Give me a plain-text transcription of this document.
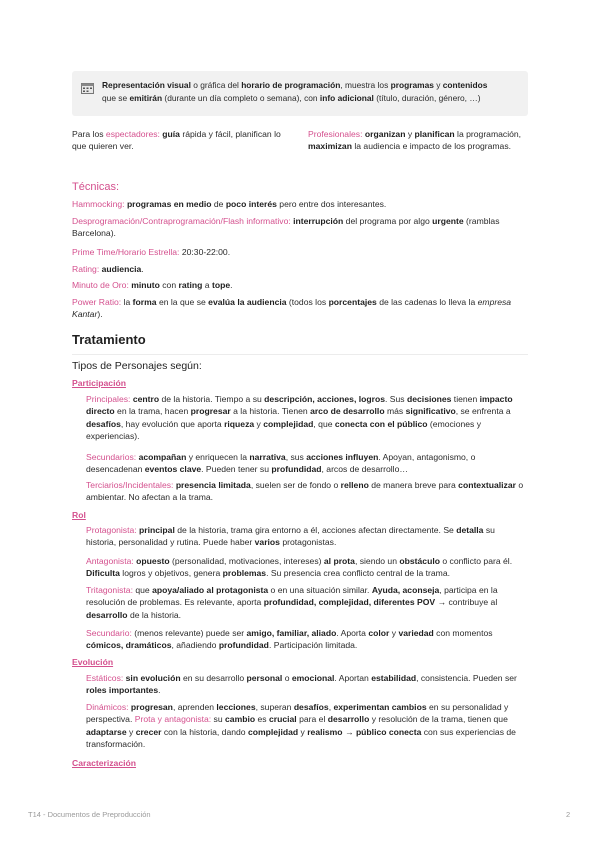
Representación visual o gráfica del horario de programación, muestra los programas y contenidos
que se emitirán (durante un día completo o semana), con info adicional (título, duración, género, …)

Para los espectadores: guía rápida y fácil, planifican lo que quieren ver.

Profesionales: organizan y planifican la programación, maximizan la audiencia e impacto de los programas.

Técnicas:

Hammocking: programas en medio de poco interés pero entre dos interesantes.

Desprogramación/Contraprogramación/Flash informativo: interrupción del programa por algo urgente (ramblas Barcelona).

Prime Time/Horario Estrella: 20:30-22:00.

Rating: audiencia.

Minuto de Oro: minuto con rating a tope.

Power Ratio: la forma en la que se evalúa la audiencia (todos los porcentajes de las cadenas lo lleva la empresa Kantar).

Tratamiento
Tipos de Personajes según:
Participación

Principales: centro de la historia. Tiempo a su descripción, acciones, logros. Sus decisiones tienen impacto directo en la trama, hacen progresar a la historia. Tienen arco de desarrollo más significativo, se enfrenta a desafíos, hay evolución que aporta riqueza y complejidad, que conecta con el público (emociones y experiencias).

Secundarios: acompañan y enriquecen la narrativa, sus acciones influyen. Apoyan, antagonismo, o desencadenan eventos clave. Pueden tener su profundidad, arcos de desarrollo…

Terciarios/Incidentales: presencia limitada, suelen ser de fondo o relleno de manera breve para contextualizar o ambientar. No afectan a la trama.

Rol

Protagonista: principal de la historia, trama gira entorno a él, acciones afectan directamente. Se detalla su historia, personalidad y rutina. Puede haber varios protagonistas.

Antagonista: opuesto (personalidad, motivaciones, intereses) al prota, siendo un obstáculo o conflicto para él. Dificulta logros y objetivos, genera problemas. Su presencia crea conflicto central de la trama.

Tritagonista: que apoya/aliado al protagonista o en una situación similar. Ayuda, aconseja, participa en la resolución de problemas. Es relevante, aporta profundidad, complejidad, diferentes POV → contribuye al desarrollo de la historia.

Secundario: (menos relevante) puede ser amigo, familiar, aliado. Aporta color y variedad con momentos cómicos, dramáticos, añadiendo profundidad. Participación limitada.

Evolución

Estáticos: sin evolución en su desarrollo personal o emocional. Aportan estabilidad, consistencia. Pueden ser roles importantes.

Dinámicos: progresan, aprenden lecciones, superan desafíos, experimentan cambios en su personalidad y perspectiva. Prota y antagonista: su cambio es crucial para el desarrollo y resolución de la trama, tienen que adaptarse y crecer con la historia, dando complejidad y realismo → público conecta con sus experiencias de transformación.

Caracterización
T14 - Documentos de Preproducción	2
